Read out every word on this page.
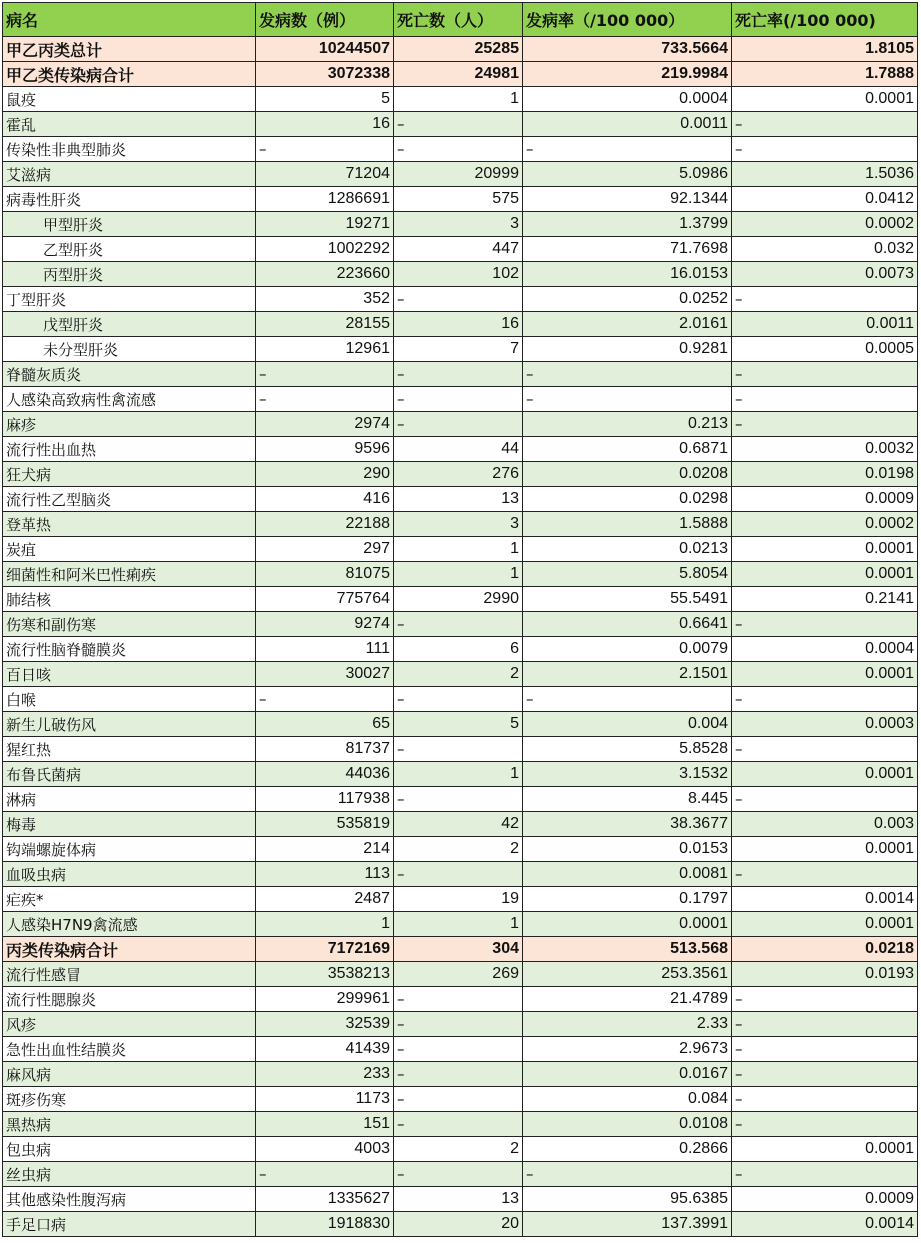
病名	发病数（例）	死亡数（人）	发病率（/100 000）	死亡率(/100 000)
甲乙丙类总计	10244507	25285	733.5664	1.8105
甲乙类传染病合计	3072338	24981	219.9984	1.7888
鼠疫	5	1	0.0004	0.0001
霍乱	16	–	0.0011	–
传染性非典型肺炎	–	–	–	–
艾滋病	71204	20999	5.0986	1.5036
病毒性肝炎	1286691	575	92.1344	0.0412
甲型肝炎	19271	3	1.3799	0.0002
乙型肝炎	1002292	447	71.7698	0.032
丙型肝炎	223660	102	16.0153	0.0073
丁型肝炎	352	–	0.0252	–
戊型肝炎	28155	16	2.0161	0.0011
未分型肝炎	12961	7	0.9281	0.0005
脊髓灰质炎	–	–	–	–
人感染高致病性禽流感	–	–	–	–
麻疹	2974	–	0.213	–
流行性出血热	9596	44	0.6871	0.0032
狂犬病	290	276	0.0208	0.0198
流行性乙型脑炎	416	13	0.0298	0.0009
登革热	22188	3	1.5888	0.0002
炭疽	297	1	0.0213	0.0001
细菌性和阿米巴性痢疾	81075	1	5.8054	0.0001
肺结核	775764	2990	55.5491	0.2141
伤寒和副伤寒	9274	–	0.6641	–
流行性脑脊髓膜炎	111	6	0.0079	0.0004
百日咳	30027	2	2.1501	0.0001
白喉	–	–	–	–
新生儿破伤风	65	5	0.004	0.0003
猩红热	81737	–	5.8528	–
布鲁氏菌病	44036	1	3.1532	0.0001
淋病	117938	–	8.445	–
梅毒	535819	42	38.3677	0.003
钩端螺旋体病	214	2	0.0153	0.0001
血吸虫病	113	–	0.0081	–
疟疾*	2487	19	0.1797	0.0014
人感染H7N9禽流感	1	1	0.0001	0.0001
丙类传染病合计	7172169	304	513.568	0.0218
流行性感冒	3538213	269	253.3561	0.0193
流行性腮腺炎	299961	–	21.4789	–
风疹	32539	–	2.33	–
急性出血性结膜炎	41439	–	2.9673	–
麻风病	233	–	0.0167	–
斑疹伤寒	1173	–	0.084	–
黑热病	151	–	0.0108	–
包虫病	4003	2	0.2866	0.0001
丝虫病	–	–	–	–
其他感染性腹泻病	1335627	13	95.6385	0.0009
手足口病	1918830	20	137.3991	0.0014
